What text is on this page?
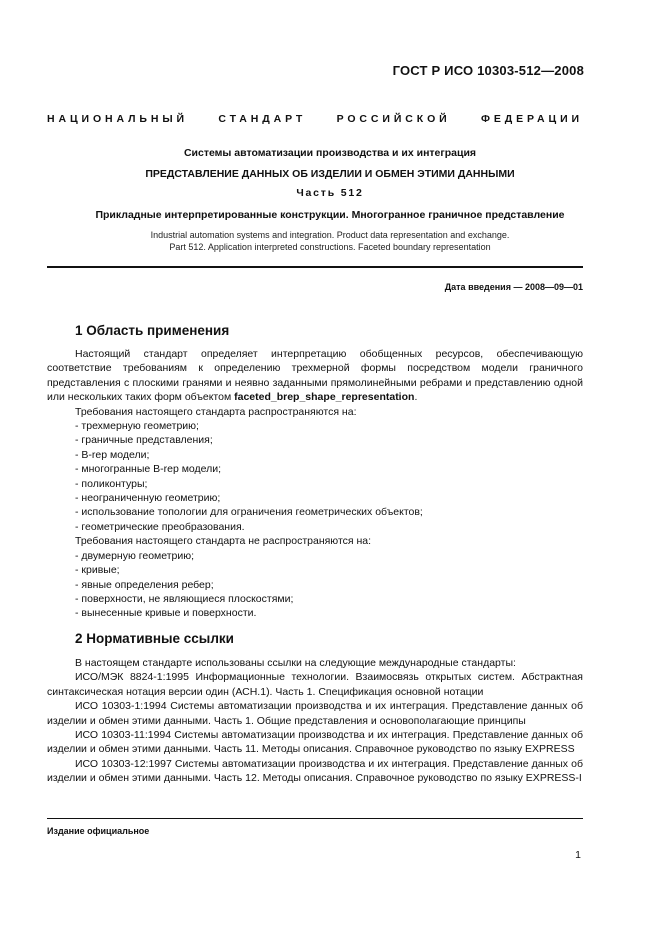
ГОСТ Р ИСО 10303-512—2008
НАЦИОНАЛЬНЫЙ СТАНДАРТ РОССИЙСКОЙ ФЕДЕРАЦИИ
Системы автоматизации производства и их интеграция
ПРЕДСТАВЛЕНИЕ ДАННЫХ ОБ ИЗДЕЛИИ И ОБМЕН ЭТИМИ ДАННЫМИ
Часть 512
Прикладные интерпретированные конструкции. Многогранное граничное представление
Industrial automation systems and integration. Product data representation and exchange.
Part 512. Application interpreted constructions. Faceted boundary representation
Дата введения — 2008—09—01
1 Область применения

Настоящий стандарт определяет интерпретацию обобщенных ресурсов, обеспечивающую соответствие требованиям к определению трехмерной формы посредством модели граничного представления с плоскими гранями и неявно заданными прямолинейными ребрами и представлению одной или нескольких таких форм объектом faceted_brep_shape_representation.

Требования настоящего стандарта распространяются на:

- трехмерную геометрию;

- граничные представления;

- B-rep модели;

- многогранные B-rep модели;

- поликонтуры;

- неограниченную геометрию;

- использование топологии для ограничения геометрических объектов;

- геометрические преобразования.

Требования настоящего стандарта не распространяются на:

- двумерную геометрию;

- кривые;

- явные определения ребер;

- поверхности, не являющиеся плоскостями;

- вынесенные кривые и поверхности.

2 Нормативные ссылки

В настоящем стандарте использованы ссылки на следующие международные стандарты:

ИСО/МЭК 8824-1:1995 Информационные технологии. Взаимосвязь открытых систем. Абстрактная синтаксическая нотация версии один (АСН.1). Часть 1. Спецификация основной нотации

ИСО 10303-1:1994 Системы автоматизации производства и их интеграция. Представление данных об изделии и обмен этими данными. Часть 1. Общие представления и основополагающие принципы

ИСО 10303-11:1994 Системы автоматизации производства и их интеграция. Представление данных об изделии и обмен этими данными. Часть 11. Методы описания. Справочное руководство по языку EXPRESS

ИСО 10303-12:1997 Системы автоматизации производства и их интеграция. Представление данных об изделии и обмен этими данными. Часть 12. Методы описания. Справочное руководство по языку EXPRESS-I

Издание официальное
1
